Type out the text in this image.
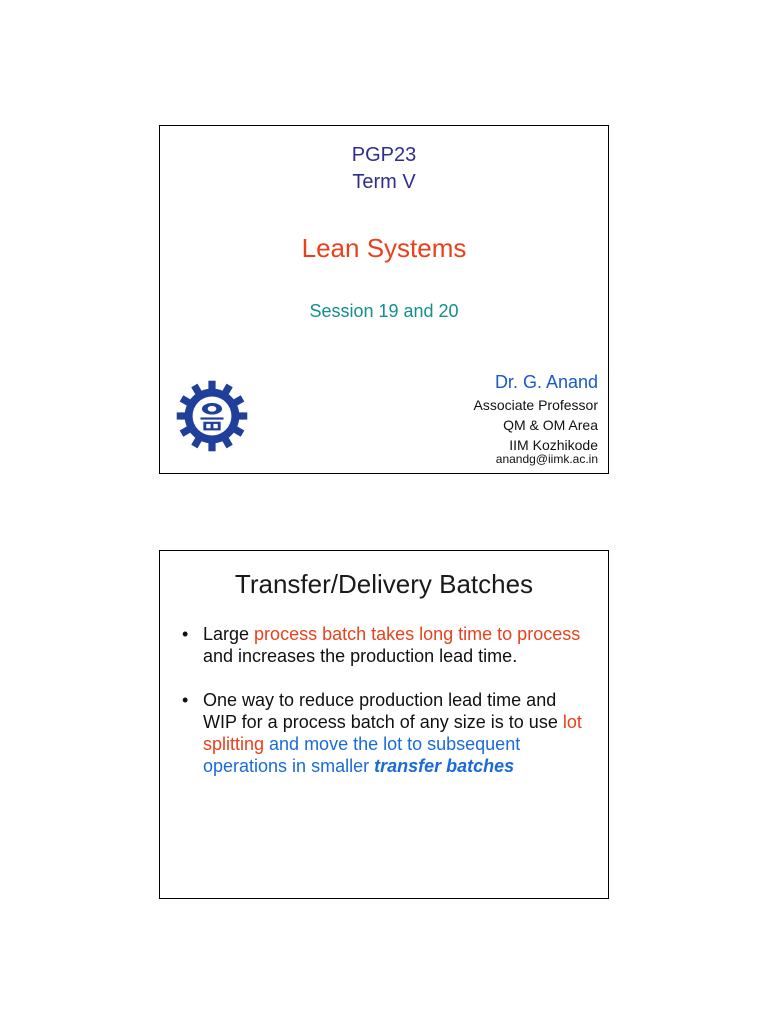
PGP23
Term V
Lean Systems
Session 19 and 20
Dr. G. Anand
Associate Professor
QM & OM Area
IIM Kozhikode
anandg@iimk.ac.in
Transfer/Delivery Batches
• Large process batch takes long time to process and increases the production lead time.
• One way to reduce production lead time and WIP for a process batch of any size is to use lot splitting and move the lot to subsequent operations in smaller transfer batches
